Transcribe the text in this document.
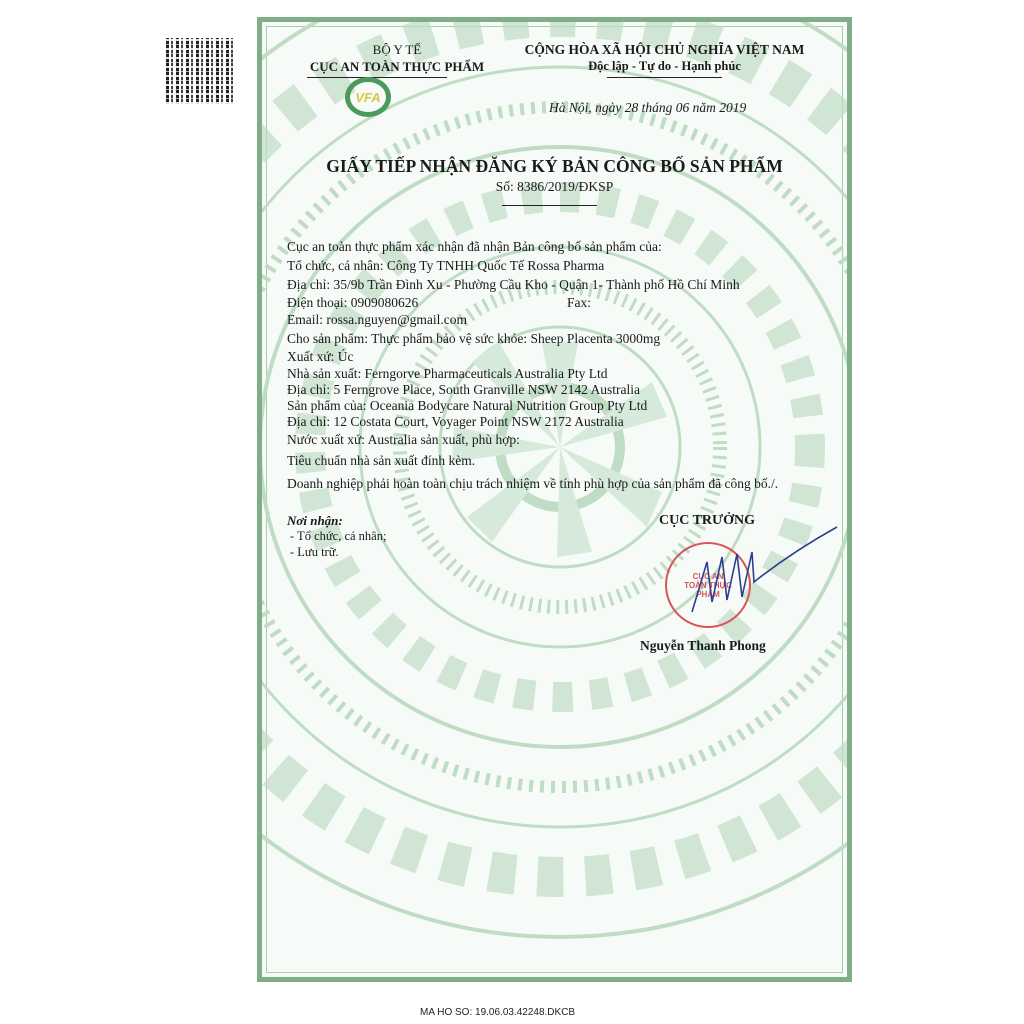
BỘ Y TẾ
CỤC AN TOÀN THỰC PHẨM
VFA
CỘNG HÒA XÃ HỘI CHỦ NGHĨA VIỆT NAM
Độc lập - Tự do - Hạnh phúc
Hà Nội, ngày 28 tháng 06 năm 2019
GIẤY TIẾP NHẬN ĐĂNG KÝ BẢN CÔNG BỐ SẢN PHẨM
Số: 8386/2019/ĐKSP
Cục an toàn thực phẩm xác nhận đã nhận Bản công bố sản phẩm của:
Tổ chức, cá nhân: Công Ty TNHH Quốc Tế Rossa Pharma
Địa chỉ: 35/9b Trần Đình Xu - Phường Cầu Kho - Quận 1- Thành phố Hồ Chí Minh
Điện thoại: 0909080626	Fax:
Email: rossa.nguyen@gmail.com
Cho sản phẩm: Thực phẩm bảo vệ sức khỏe: Sheep Placenta 3000mg
Xuất xứ: Úc
Nhà sản xuất: Ferngorve Pharmaceuticals Australia Pty Ltd
Địa chỉ: 5 Ferngrove Place, South Granville NSW 2142 Australia
Sản phẩm của: Oceania Bodycare Natural Nutrition Group Pty Ltd
Địa chỉ: 12 Costata Court, Voyager Point NSW 2172 Australia
Nước xuất xứ: Australia sản xuất, phù hợp:
Tiêu chuẩn nhà sản xuất đính kèm.
Doanh nghiệp phải hoàn toàn chịu trách nhiệm về tính phù hợp của sản phẩm đã công bố./.
Nơi nhận:
- Tổ chức, cá nhân;
- Lưu trữ.
CỤC TRƯỞNG
CỤC AN TOÀN THỰC PHẨM
Nguyễn Thanh Phong
MA HO SO: 19.06.03.42248.DKCB
